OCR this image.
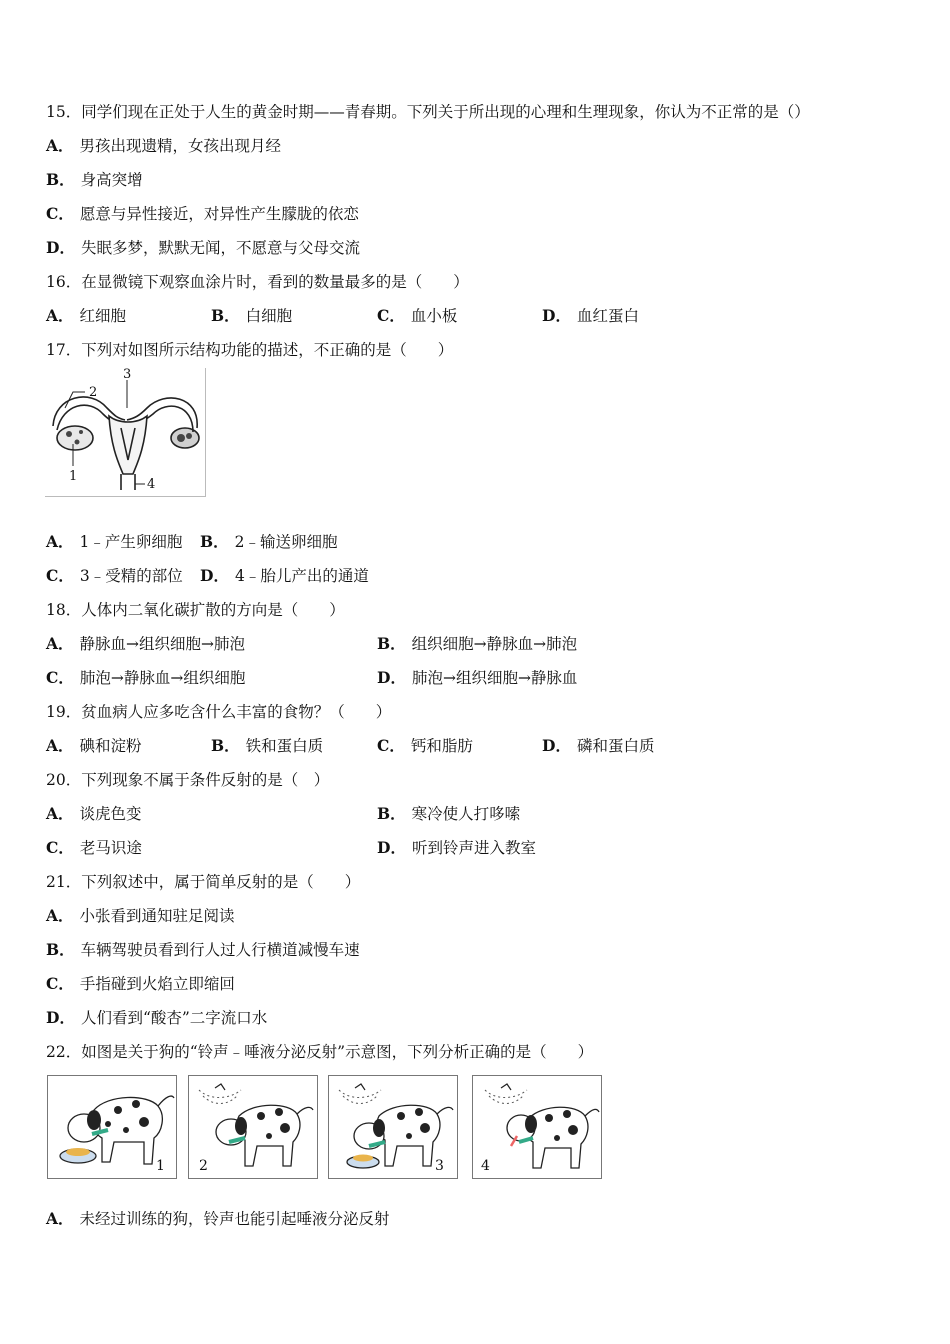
15．同学们现在正处于人生的黄金时期——青春期。下列关于所出现的心理和生理现象，你认为不正常的是（）
A． 男孩出现遗精，女孩出现月经
B． 身高突增
C． 愿意与异性接近，对异性产生朦胧的依恋
D． 失眠多梦，默默无闻，不愿意与父母交流
16．在显微镜下观察血涂片时，看到的数量最多的是（　　）
A． 红细胞	B． 白细胞	C． 血小板	D． 血红蛋白
17．下列对如图所示结构功能的描述，不正确的是（　　）
2
3
1
4
A． 1﹣产生卵细胞 B． 2﹣输送卵细胞
C． 3﹣受精的部位 D． 4﹣胎儿产出的通道
18．人体内二氧化碳扩散的方向是（　　）
A． 静脉血→组织细胞→肺泡	B． 组织细胞→静脉血→肺泡
C． 肺泡→静脉血→组织细胞	D． 肺泡→组织细胞→静脉血
19．贫血病人应多吃含什么丰富的食物？（　　）
A． 碘和淀粉	B． 铁和蛋白质	C． 钙和脂肪	D． 磷和蛋白质
20．下列现象不属于条件反射的是（　）
A． 谈虎色变	B． 寒冷使人打哆嗦
C． 老马识途	D． 听到铃声进入教室
21．下列叙述中，属于简单反射的是（　　）
A． 小张看到通知驻足阅读
B． 车辆驾驶员看到行人过人行横道减慢车速
C． 手指碰到火焰立即缩回
D． 人们看到“酸杏”二字流口水
22．如图是关于狗的“铃声﹣唾液分泌反射”示意图，下列分析正确的是（　　）
1 2	3	4
A． 未经过训练的狗，铃声也能引起唾液分泌反射
